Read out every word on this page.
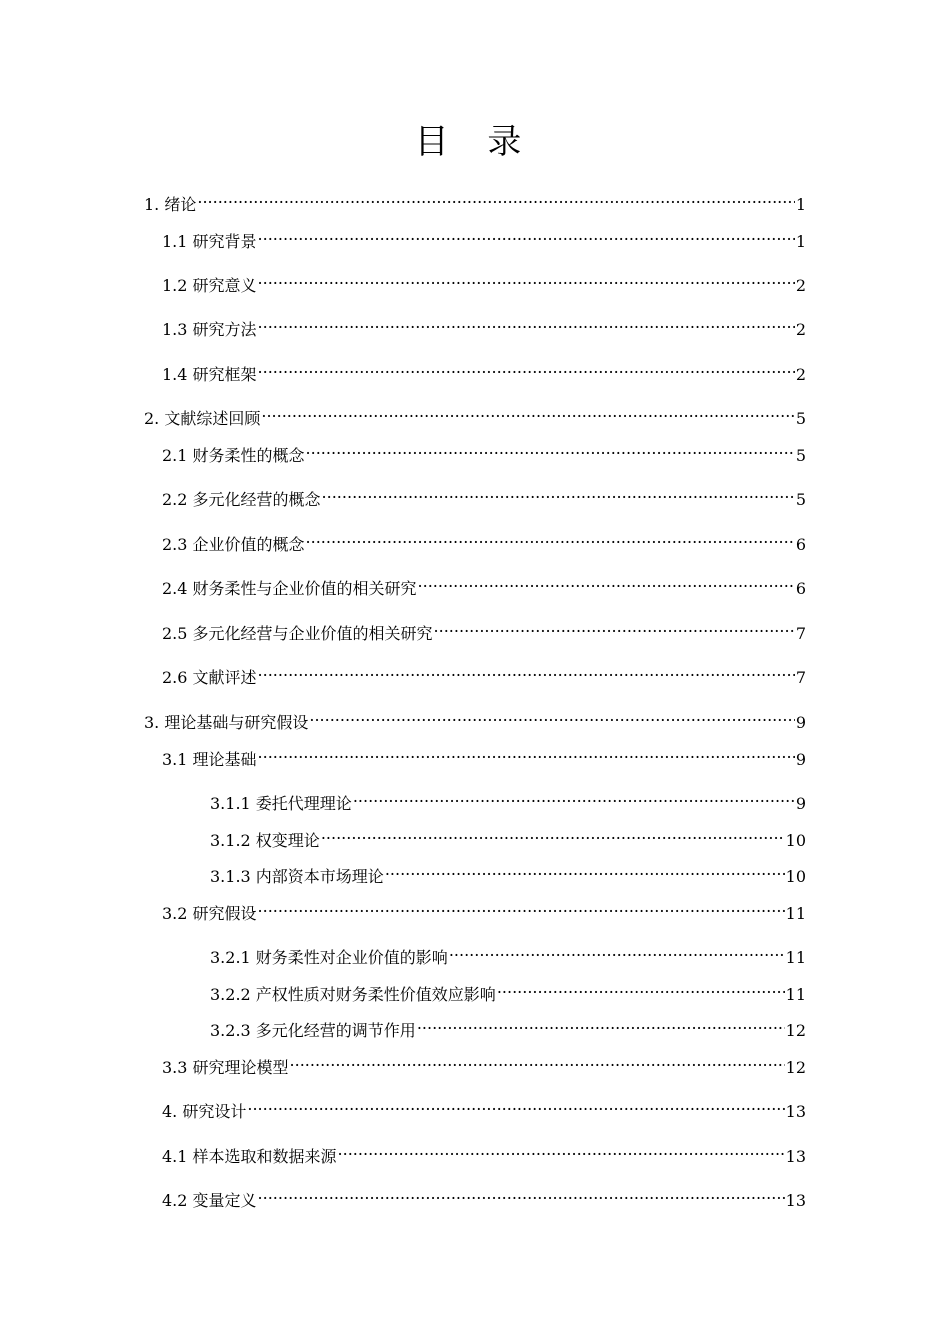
目 录
1. 绪论 .....	1
1.1 研究背景 .....	1
1.2 研究意义 .....	2
1.3 研究方法 .....	2
1.4 研究框架 .....	2
2. 文献综述回顾 .....	5
2.1 财务柔性的概念 .....	5
2.2 多元化经营的概念 .....	5
2.3 企业价值的概念 .....	6
2.4 财务柔性与企业价值的相关研究 .....	6
2.5 多元化经营与企业价值的相关研究 .....	7
2.6 文献评述 .....	7
3. 理论基础与研究假设 .....	9
3.1 理论基础 .....	9
3.1.1 委托代理理论 .....	9
3.1.2 权变理论 .....	10
3.1.3 内部资本市场理论 .....	10
3.2 研究假设 .....	11
3.2.1 财务柔性对企业价值的影响 .....	11
3.2.2 产权性质对财务柔性价值效应影响 .....	11
3.2.3 多元化经营的调节作用 .....	12
3.3 研究理论模型 .....	12
4. 研究设计 .....	13
4.1 样本选取和数据来源 .....	13
4.2 变量定义 .....	13
